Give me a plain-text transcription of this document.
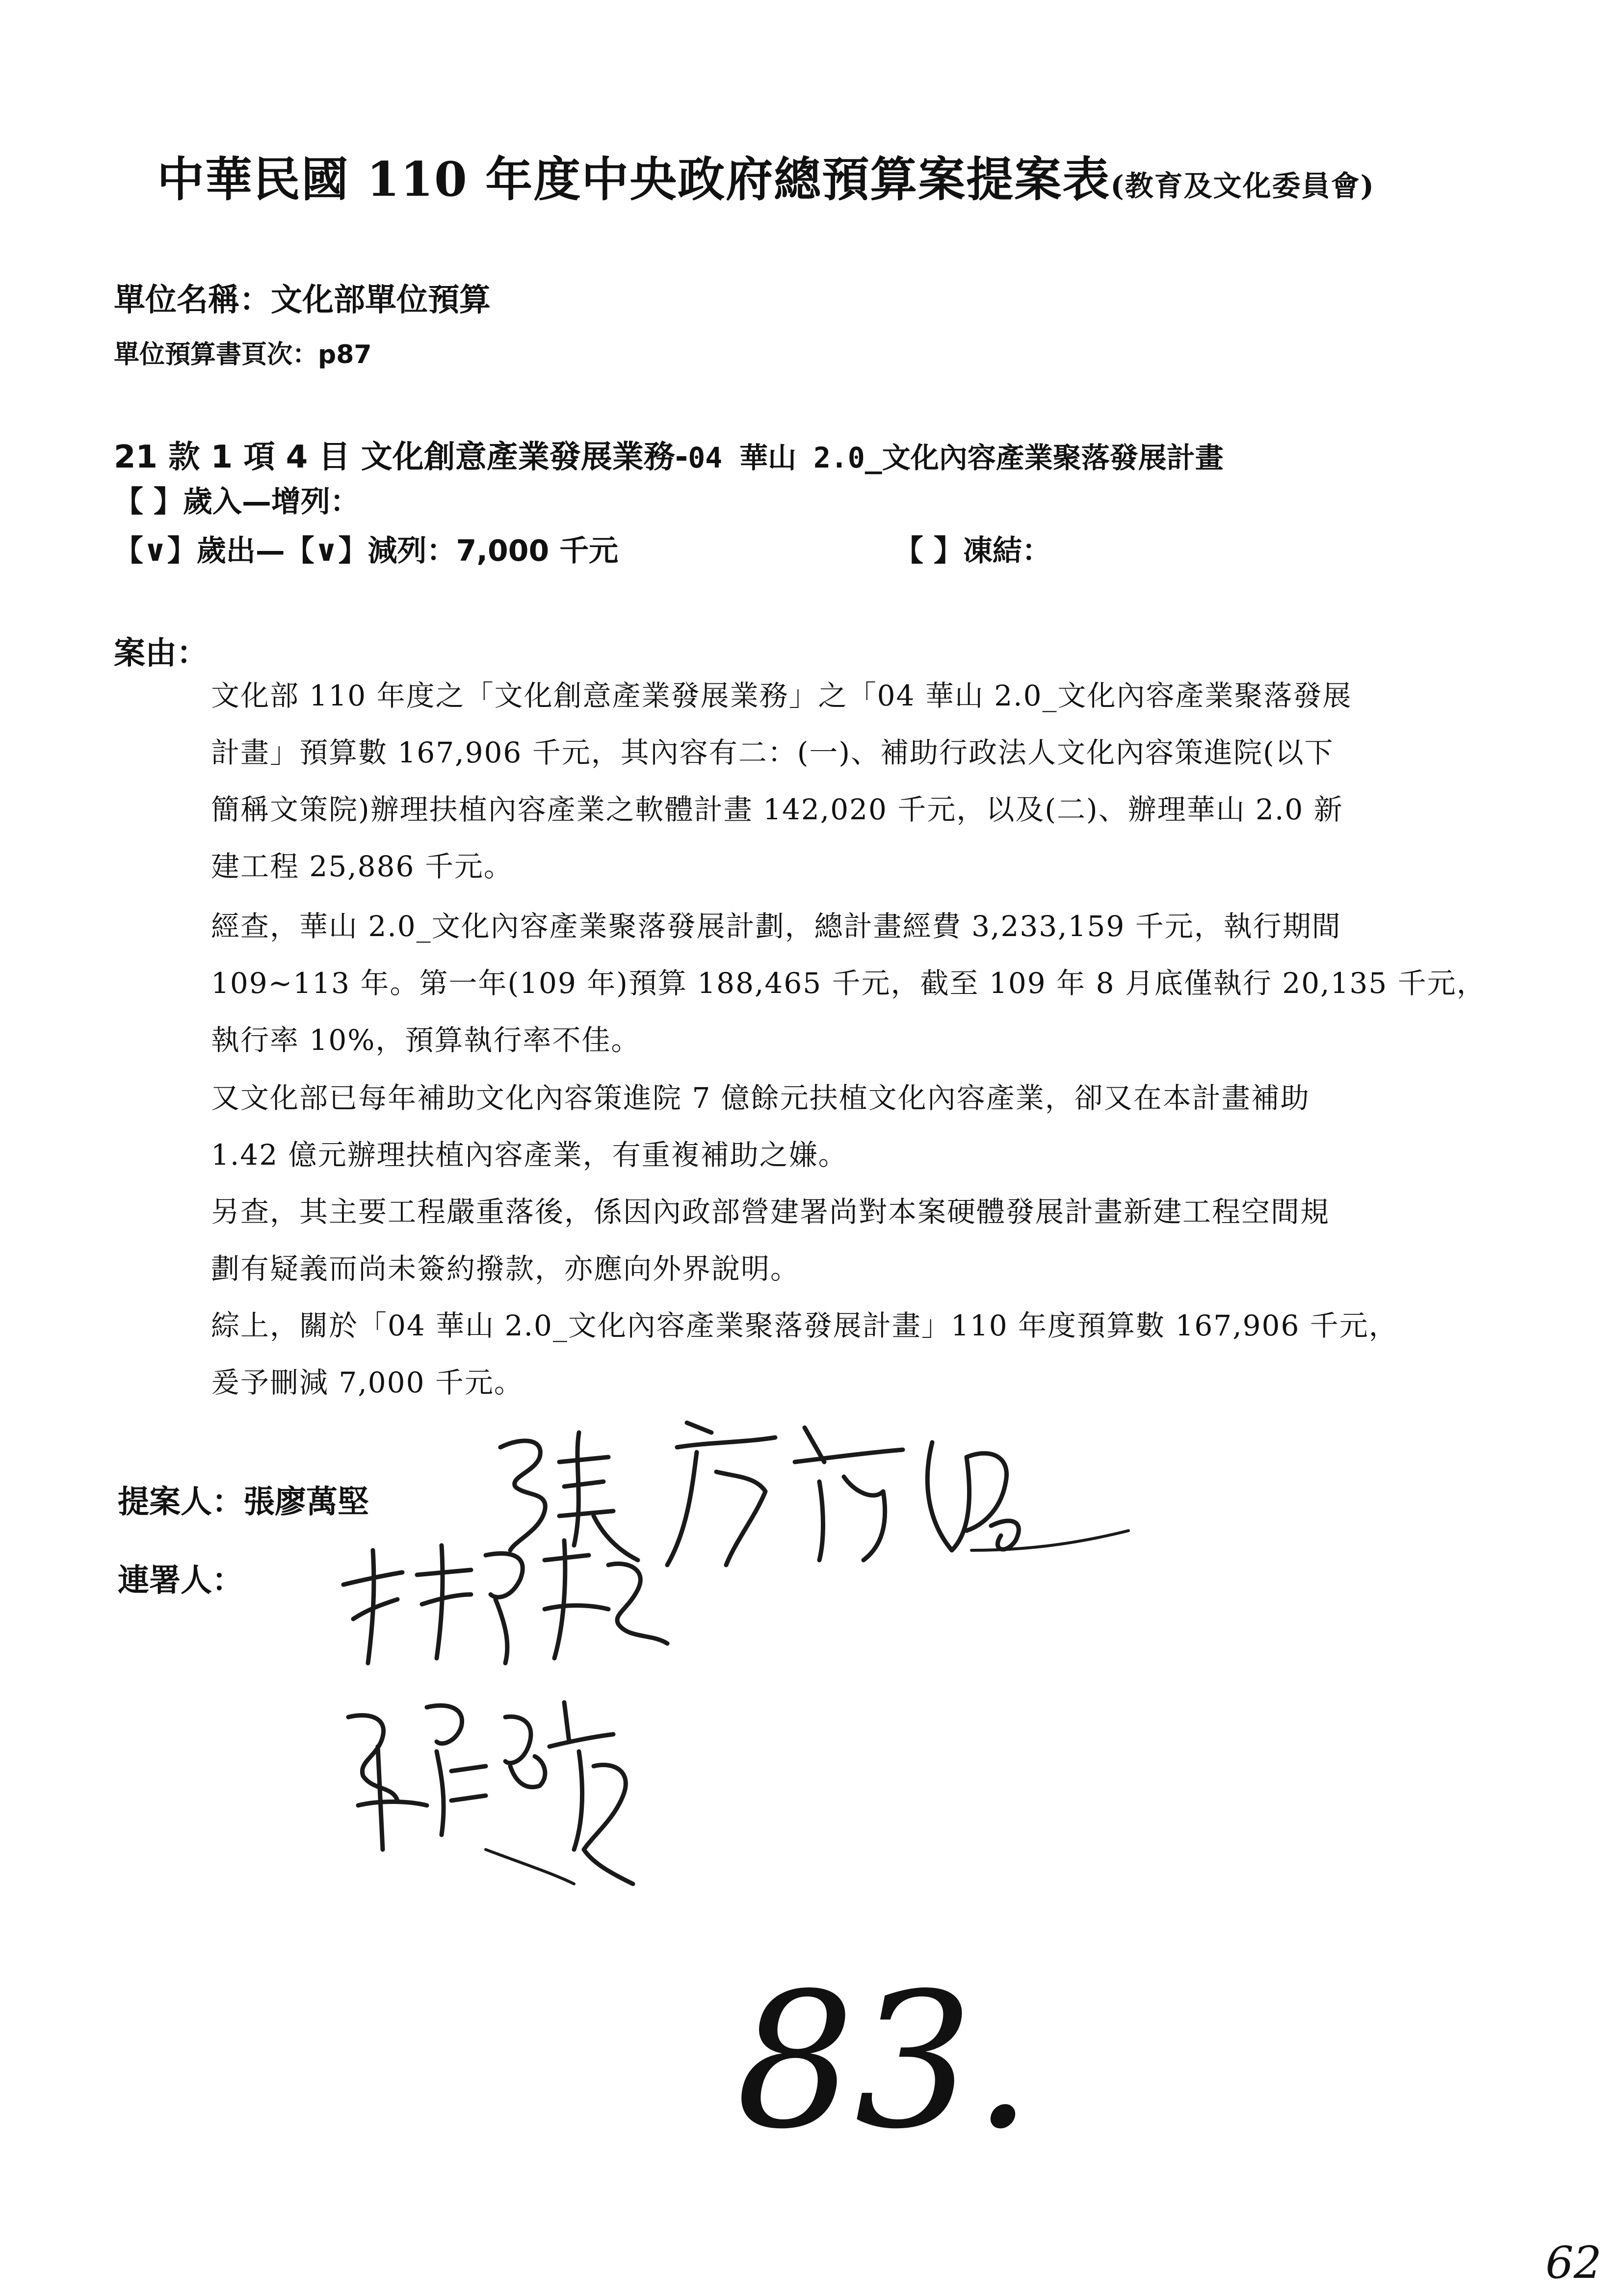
中華民國 110 年度中央政府總預算案提案表(教育及文化委員會)
單位名稱：文化部單位預算
單位預算書頁次：p87
21 款 1 項 4 目 文化創意產業發展業務-04 華山 2.0_文化內容產業聚落發展計畫
【 】歲入—增列：
【∨】歲出—【∨】減列：7,000 千元	【 】凍結：
案由：
文化部 110 年度之「文化創意產業發展業務」之「04 華山 2.0_文化內容產業聚落發展
計畫」預算數 167,906 千元，其內容有二：(一)、補助行政法人文化內容策進院(以下
簡稱文策院)辦理扶植內容產業之軟體計畫 142,020 千元，以及(二)、辦理華山 2.0 新
建工程 25,886 千元。
經查，華山 2.0_文化內容產業聚落發展計劃，總計畫經費 3,233,159 千元，執行期間
109~113 年。第一年(109 年)預算 188,465 千元，截至 109 年 8 月底僅執行 20,135 千元，
執行率 10%，預算執行率不佳。
又文化部已每年補助文化內容策進院 7 億餘元扶植文化內容產業，卻又在本計畫補助
1.42 億元辦理扶植內容產業，有重複補助之嫌。
另查，其主要工程嚴重落後，係因內政部營建署尚對本案硬體發展計畫新建工程空間規
劃有疑義而尚未簽約撥款，亦應向外界說明。
綜上，關於「04 華山 2.0_文化內容產業聚落發展計畫」110 年度預算數 167,906 千元，
爰予刪減 7,000 千元。
提案人：張廖萬堅
連署人：
83.
62
